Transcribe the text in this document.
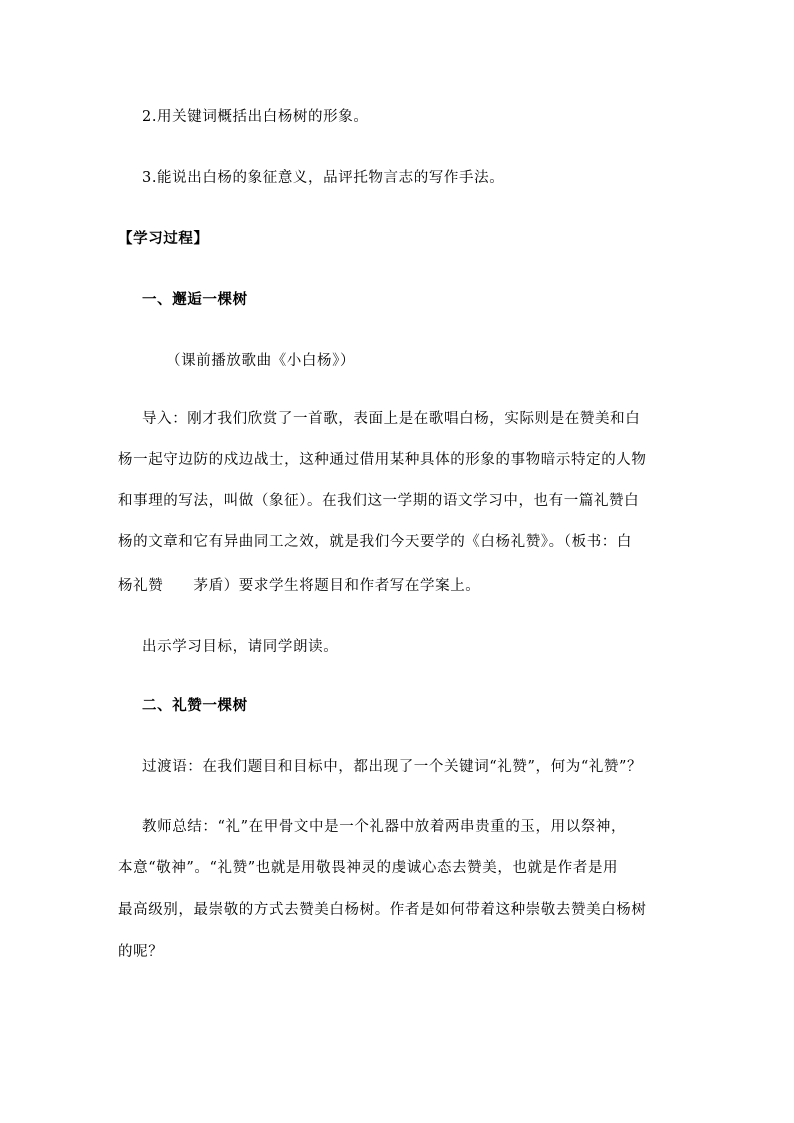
2.用关键词概括出白杨树的形象。
3.能说出白杨的象征意义，品评托物言志的写作手法。
【学习过程】
一、邂逅一棵树
（课前播放歌曲《小白杨》）
导入：刚才我们欣赏了一首歌，表面上是在歌唱白杨，实际则是在赞美和白
杨一起守边防的戍边战士，这种通过借用某种具体的形象的事物暗示特定的人物
和事理的写法，叫做（象征）。在我们这一学期的语文学习中，也有一篇礼赞白
杨的文章和它有异曲同工之效，就是我们今天要学的《白杨礼赞》。（板书：白
杨礼赞　　茅盾）要求学生将题目和作者写在学案上。
出示学习目标，请同学朗读。
二、礼赞一棵树
过渡语：在我们题目和目标中，都出现了一个关键词“礼赞”，何为“礼赞”？
教师总结：“礼”在甲骨文中是一个礼器中放着两串贵重的玉，用以祭神，
本意“敬神”。“礼赞”也就是用敬畏神灵的虔诚心态去赞美，也就是作者是用
最高级别，最崇敬的方式去赞美白杨树。作者是如何带着这种崇敬去赞美白杨树
的呢？
